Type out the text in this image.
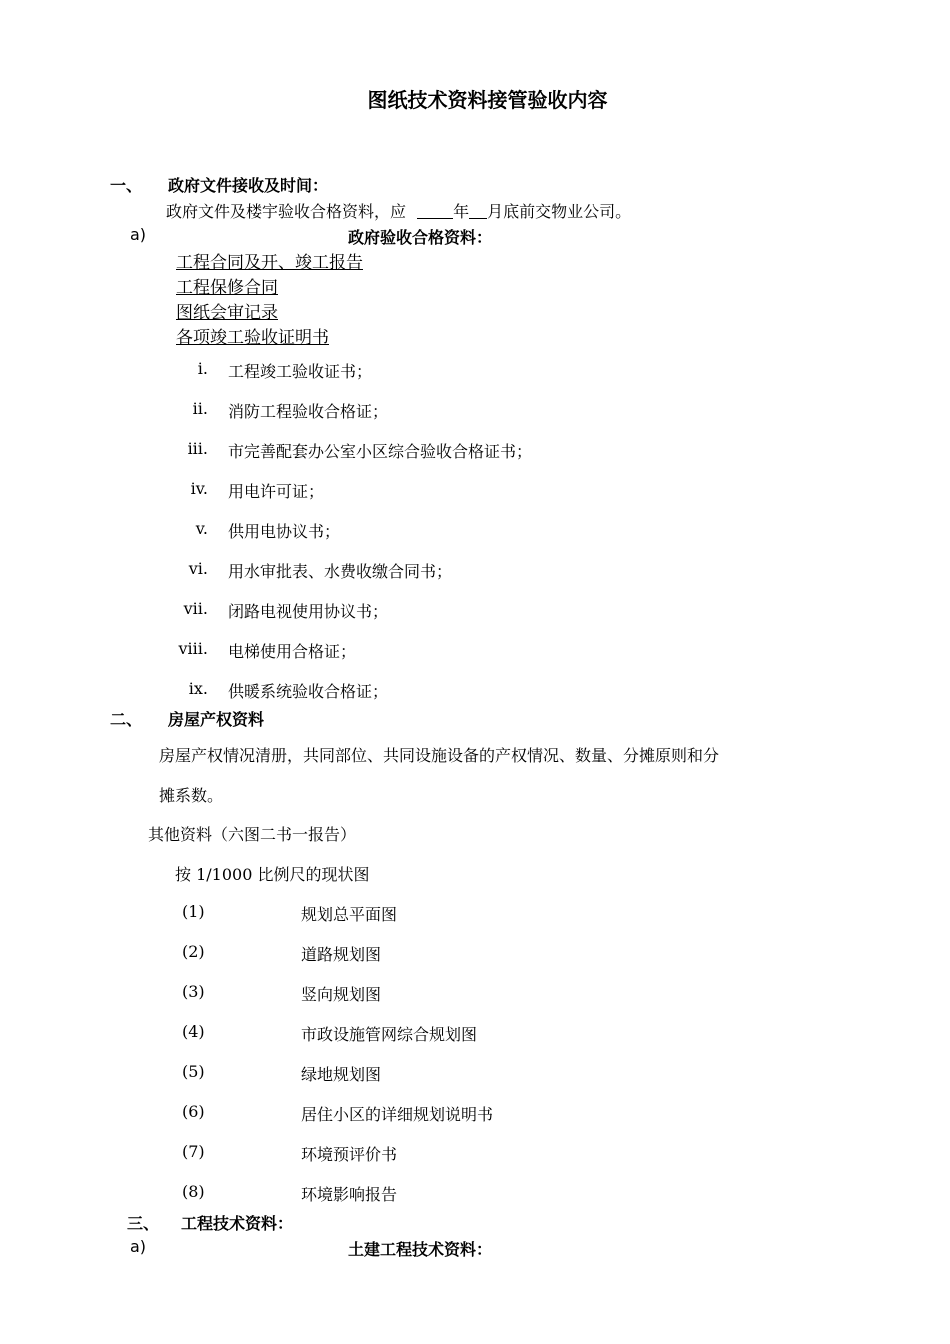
图纸技术资料接管验收内容
一、 政府文件接收及时间：
政府文件及楼宇验收合格资料，应	年 月底前交物业公司。
a)	政府验收合格资料：
工程合同及开、竣工报告
工程保修合同
图纸会审记录
各项竣工验收证明书
i. 工程竣工验收证书；
ii. 消防工程验收合格证；
iii. 市完善配套办公室小区综合验收合格证书；
iv. 用电许可证；
v. 供用电协议书；
vi. 用水审批表、水费收缴合同书；
vii. 闭路电视使用协议书；
viii. 电梯使用合格证；
ix. 供暖系统验收合格证；
二、 房屋产权资料
房屋产权情况清册，共同部位、共同设施设备的产权情况、数量、分摊原则和分
摊系数。
其他资料（六图二书一报告）
按 1/1000 比例尺的现状图
(1)	规划总平面图
(2)	道路规划图
(3)	竖向规划图
(4)	市政设施管网综合规划图
(5)	绿地规划图
(6)	居住小区的详细规划说明书
(7)	环境预评价书
(8)	环境影响报告
三、 工程技术资料：
a)	土建工程技术资料：
